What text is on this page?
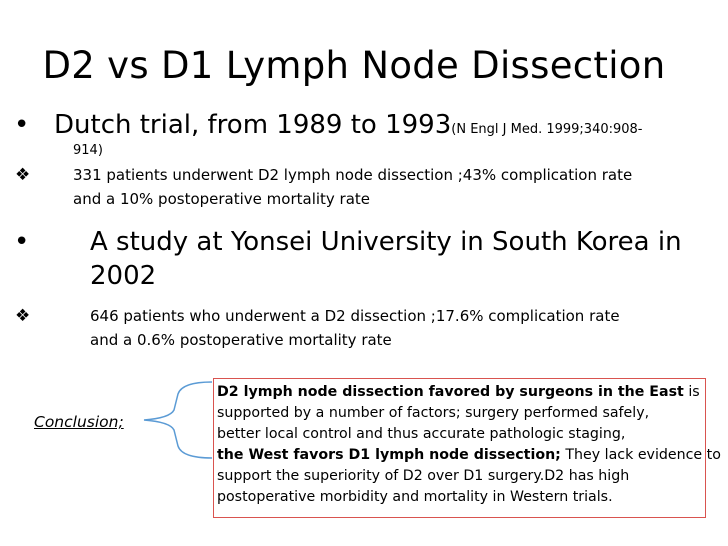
D2 vs D1 Lymph Node Dissection
• Dutch trial, from 1989 to 1993(N Engl J Med. 1999;340:908-
914)
❖	331 patients underwent D2 lymph node dissection ;43% complication rate
and a 10% postoperative mortality rate
• A study at Yonsei University in South Korea in
2002
❖	646 patients who underwent a D2 dissection ;17.6% complication rate
and a 0.6% postoperative mortality rate
Conclusion;
D2 lymph node dissection favored by surgeons in the East is
supported by a number of factors; surgery performed safely,
better local control and thus accurate pathologic staging,
the West favors D1 lymph node dissection; They lack evidence to
support the superiority of D2 over D1 surgery.D2 has high
postoperative morbidity and mortality in Western trials.
